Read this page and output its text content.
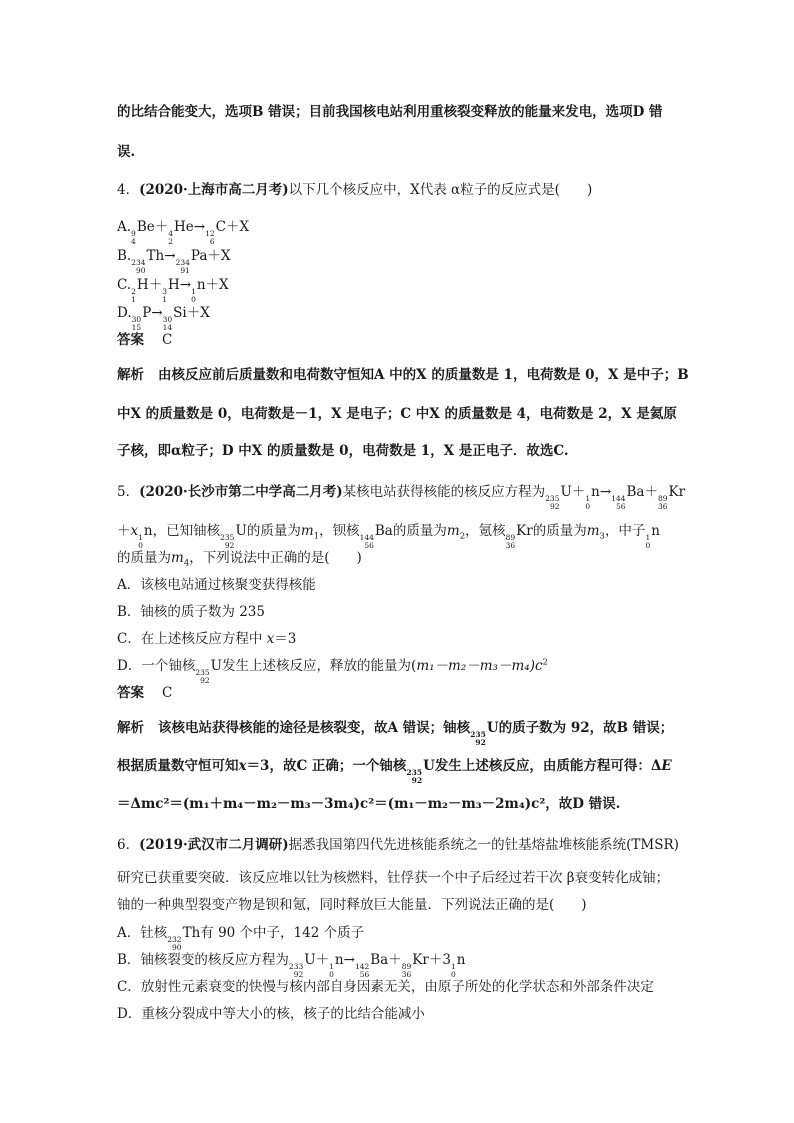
的比结合能变大，选项B 错误；目前我国核电站利用重核裂变释放的能量来发电，选项D 错
误.
4．(2020·上海市高二月考)以下几个核反应中，X代表 α粒子的反应式是(　　)
A. 9
4
Be＋ 4
2
He→ 12
6
C＋X
B. 234
90
Th→ 234
91
Pa＋X
C. 2
1
H＋ 3
1
H→ 1
0
n＋X
D. 30
15
P→ 30
14
Si＋X
答案 C
解析 由核反应前后质量数和电荷数守恒知A 中的X 的质量数是 1，电荷数是 0，X 是中子；B
中X 的质量数是 0，电荷数是－1，X 是电子；C 中X 的质量数是 4，电荷数是 2，X 是氦原
子核，即α粒子；D 中X 的质量数是 0，电荷数是 1，X 是正电子．故选C.
5．(2020·长沙市第二中学高二月考)某核电站获得核能的核反应方程为 235
92
U＋ 1
0
n→ 144
56
Ba＋ 89
36
Kr
＋x 1
0
n，已知铀核 235
92
U的质量为$m_1$，钡核 144
56
Ba的质量为$m_2$，氪核 89
36
Kr的质量为$m_3$，中子 1
0
n
的质量为$m_4$，下列说法中正确的是(　　)
A．该核电站通过核聚变获得核能
B．铀核的质子数为 235
C．在上述核反应方程中 x＝3
D．一个铀核 235
92
U发生上述核反应，释放的能量为$(m_1-m_2-m_3-m_4)c^2$
答案 C
解析 该核电站获得核能的途径是核裂变，故A 错误；铀核 235
92
U的质子数为 92，故B 错误；
根据质量数守恒可知x＝3，故C 正确；一个铀核 235
92
U发生上述核反应，由质能方程可得：ΔE
＝Δmc²＝(m₁＋m₄－m₂－m₃－3m₄)c²＝(m₁－m₂－m₃－2m₄)c²，故D 错误.
6．(2019·武汉市二月调研)据悉我国第四代先进核能系统之一的钍基熔盐堆核能系统(TMSR)
研究已获重要突破．该反应堆以钍为核燃料，钍俘获一个中子后经过若干次 β衰变转化成铀；
铀的一种典型裂变产物是钡和氪，同时释放巨大能量．下列说法正确的是(　　)
A．钍核 232
90
Th有 90 个中子，142 个质子
B．铀核裂变的核反应方程为 233
92
U＋ 1
0
n→ 142
56
Ba＋ 89
36
Kr＋3 1
0
n
C．放射性元素衰变的快慢与核内部自身因素无关，由原子所处的化学状态和外部条件决定
D．重核分裂成中等大小的核，核子的比结合能减小
